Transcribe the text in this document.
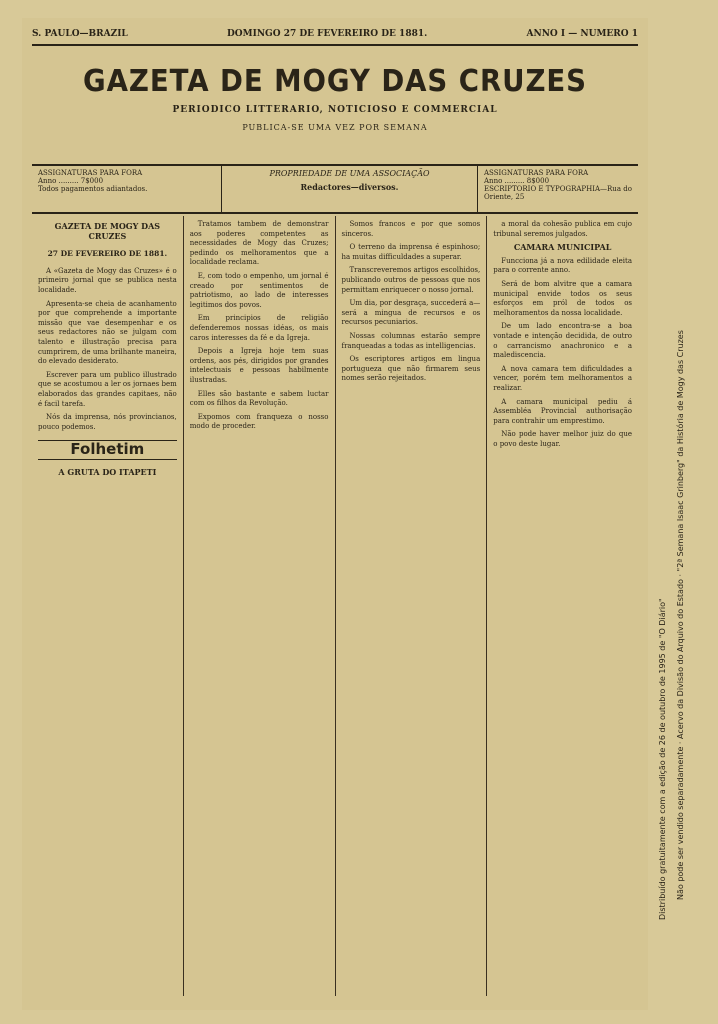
S. PAULO—BRAZIL	DOMINGO 27 DE FEVEREIRO DE 1881.	ANNO I — NUMERO 1
GAZETA DE MOGY DAS CRUZES
PERIODICO LITTERARIO, NOTICIOSO E COMMERCIAL
PUBLICA-SE UMA VEZ POR SEMANA
ASSIGNATURAS PARA FORA
Anno ......... 7$000
Todos pagamentos adiantados.
PROPRIEDADE DE UMA ASSOCIAÇÃO
Redactores—diversos.
ASSIGNATURAS PARA FORA
Anno ......... 8$000
ESCRIPTORIO E TYPOGRAPHIA—Rua do Oriente, 25
GAZETA DE MOGY DAS CRUZES
27 DE FEVEREIRO DE 1881.

A «Gazeta de Mogy das Cruzes» é o primeiro jornal que se publica nesta localidade.

Apresenta-se cheia de acanhamento por que comprehende a importante missão que vae desempenhar e os seus redactores não se julgam com talento e illustração precisa para cumprirem, de uma brilhante maneira, do elevado desiderato.

Escrever para um publico illustrado que se acostumou a ler os jornaes bem elaborados das grandes capitaes, não é facil tarefa.

Nós da imprensa, nós provincianos, pouco podemos.

Folhetim
A GRUTA DO ITAPETI

Tratamos tambem de demonstrar aos poderes competentes as necessidades de Mogy das Cruzes; pedindo os melhoramentos que a localidade reclama.

E, com todo o empenho, um jornal é creado por sentimentos de patriotismo, ao lado de interesses legitimos dos povos.

Em principios de religião defenderemos nossas idéas, os mais caros interesses da fé e da Igreja.

Depois a Igreja hoje tem suas ordens, aos pés, dirigidos por grandes intelectuais e pessoas habilmente ilustradas.

Elles são bastante e sabem luctar com os filhos da Revolução.

Expomos com franqueza o nosso modo de proceder.

Somos francos e por que somos sinceros.

O terreno da imprensa é espinhoso; ha muitas difficuldades a superar.

Transcreveremos artigos escolhidos, publicando outros de pessoas que nos permittam enriquecer o nosso jornal.

Um dia, por desgraça, succederá a—será a mingua de recursos e os recursos pecuniarios.

Nossas columnas estarão sempre franqueadas a todas as intelligencias.

Os escriptores artigos em lingua portugueza que não firmarem seus nomes serão rejeitados.

a moral da cohesão publica em cujo tribunal seremos julgados.

CAMARA MUNICIPAL

Funcciona já a nova edilidade eleita para o corrente anno.

Será de bom alvitre que a camara municipal envide todos os seus esforços em pról de todos os melhoramentos da nossa localidade.

De um lado encontra-se a boa vontade e intenção decidida, de outro o carrancismo anachronico e a malediscencia.

A nova camara tem dificuldades a vencer, porém tem melhoramentos a realizar.

A camara municipal pediu á Assembléa Provincial authorisação para contrahir um emprestimo.

Não pode haver melhor juiz do que o povo deste lugar.

Distribuído gratuitamente com a edição de 26 de outubro de 1995 de "O Diário" Não pode ser vendido separadamente · Acervo da Divisão do Arquivo do Estado · "2ª Semana Isaac Grinberg" da História de Mogy das Cruzes
